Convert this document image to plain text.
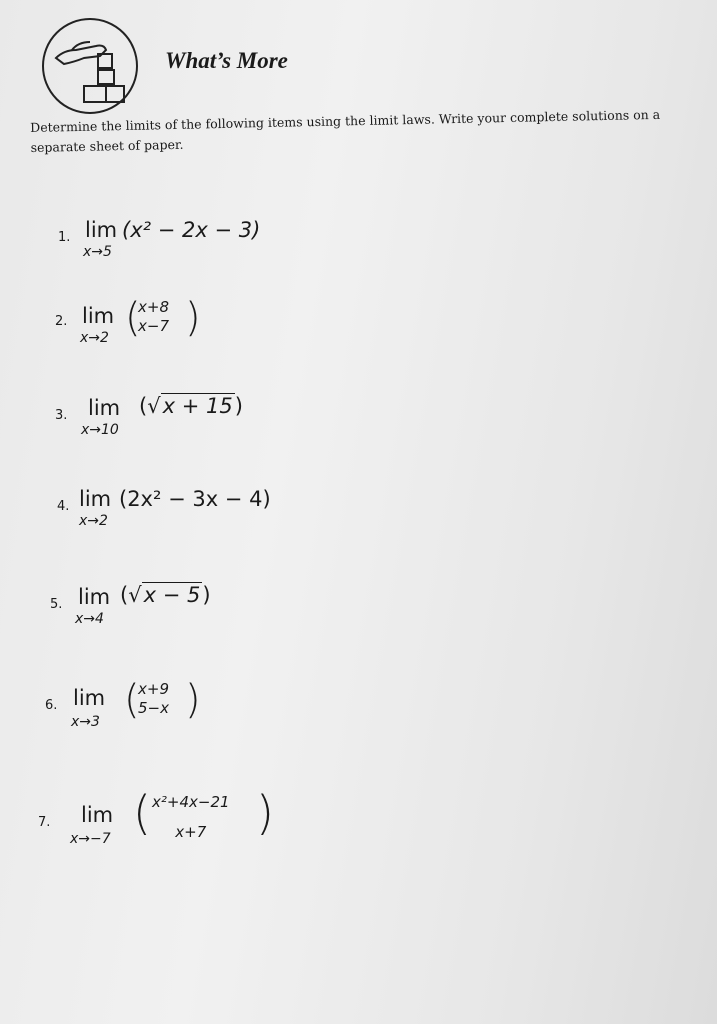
What’s More
Determine the limits of the following items using the limit laws. Write your complete solutions on a separate sheet of paper.
1. lim
x→5
(x² − 2x − 3)
2. lim
x→2 (
x+8
x−7 )
3. lim
x→10
(√x + 15)
4. lim
x→2
(2x² − 3x − 4)
5. lim
x→4
(√x − 5)
6. lim
x→3 (
x+9
5−x )
7. lim
x→−7 ( x²+4x−21
x+7 )
